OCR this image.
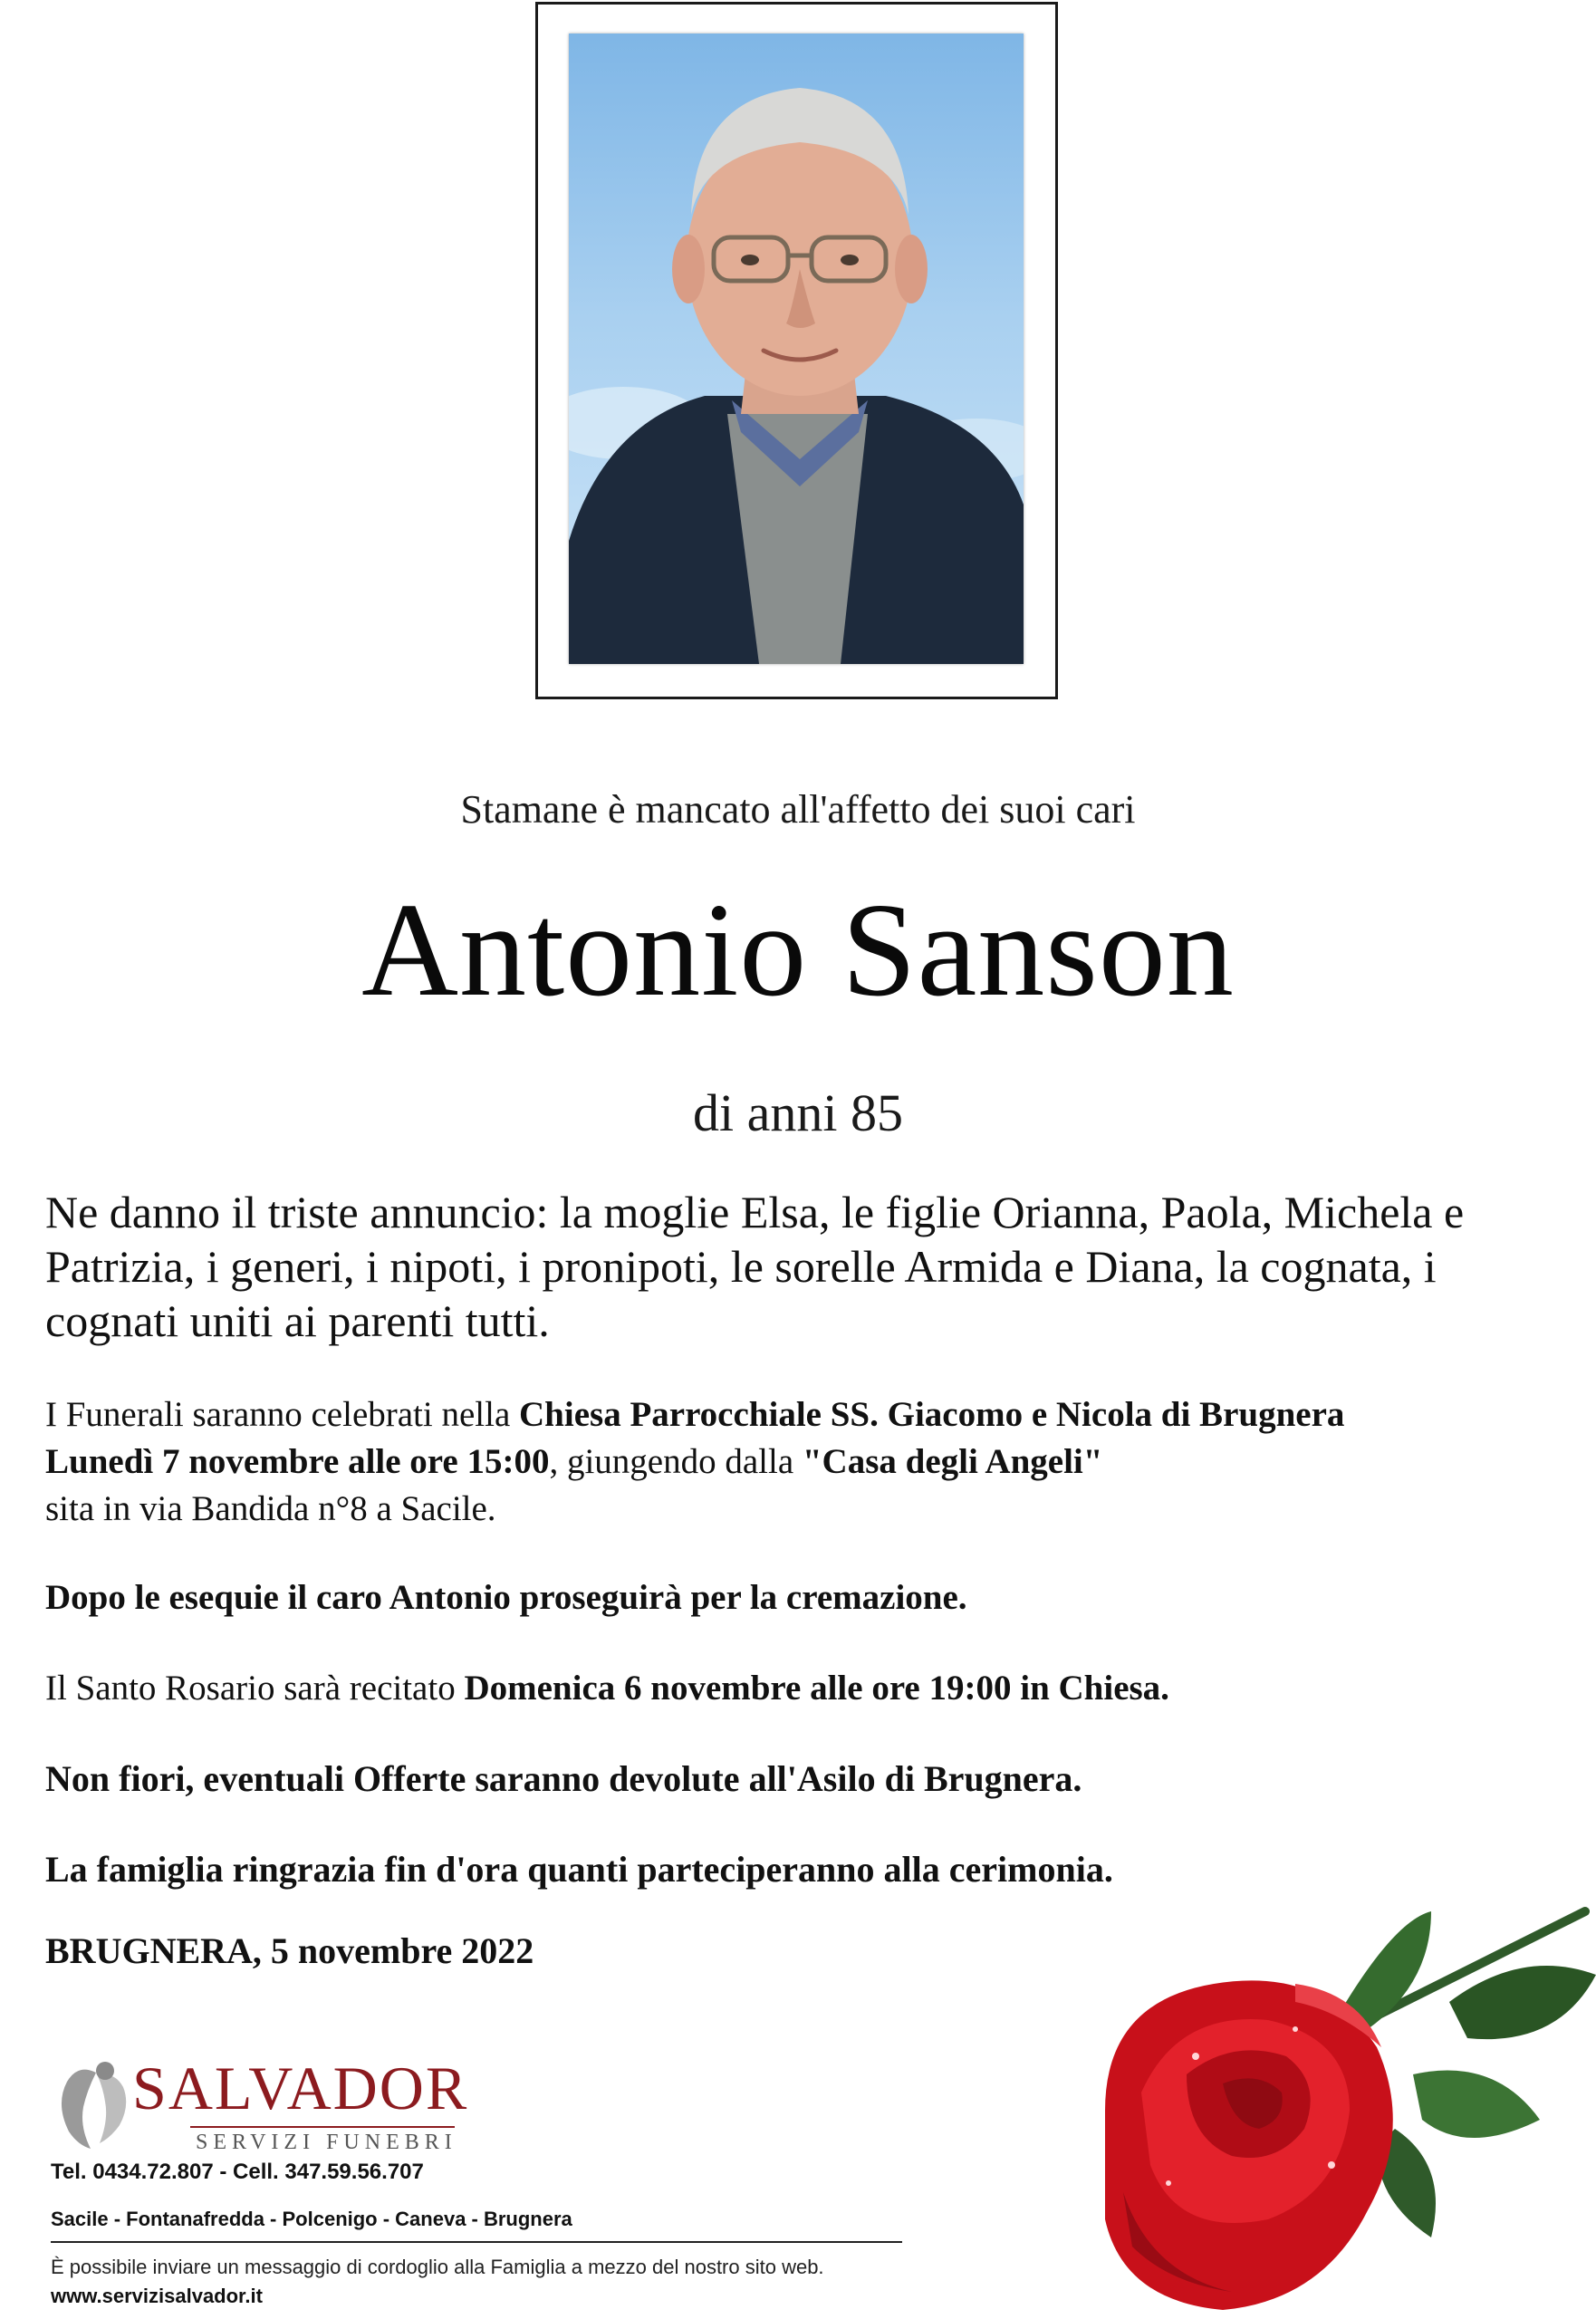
Stamane è mancato all'affetto dei suoi cari
Antonio Sanson
di anni 85
Ne danno il triste annuncio: la moglie Elsa, le figlie Orianna, Paola, Michela e Patrizia, i generi, i nipoti, i pronipoti, le sorelle Armida e Diana, la cognata, i cognati uniti ai parenti tutti.
I Funerali saranno celebrati nella Chiesa Parrocchiale SS. Giacomo e Nicola di Brugnera
Lunedì 7 novembre alle ore 15:00, giungendo dalla "Casa degli Angeli"
sita in via Bandida n°8 a Sacile.
Dopo le esequie il caro Antonio proseguirà per la cremazione.
Il Santo Rosario sarà recitato Domenica 6 novembre alle ore 19:00 in Chiesa.
Non fiori, eventuali Offerte saranno devolute all'Asilo di Brugnera.
La famiglia ringrazia fin d'ora quanti parteciperanno alla cerimonia.
BRUGNERA, 5 novembre 2022
SALVADOR
SERVIZI FUNEBRI
Tel. 0434.72.807 - Cell. 347.59.56.707
Sacile - Fontanafredda - Polcenigo - Caneva - Brugnera
È possibile inviare un messaggio di cordoglio alla Famiglia a mezzo del nostro sito web.
www.servizisalvador.it
